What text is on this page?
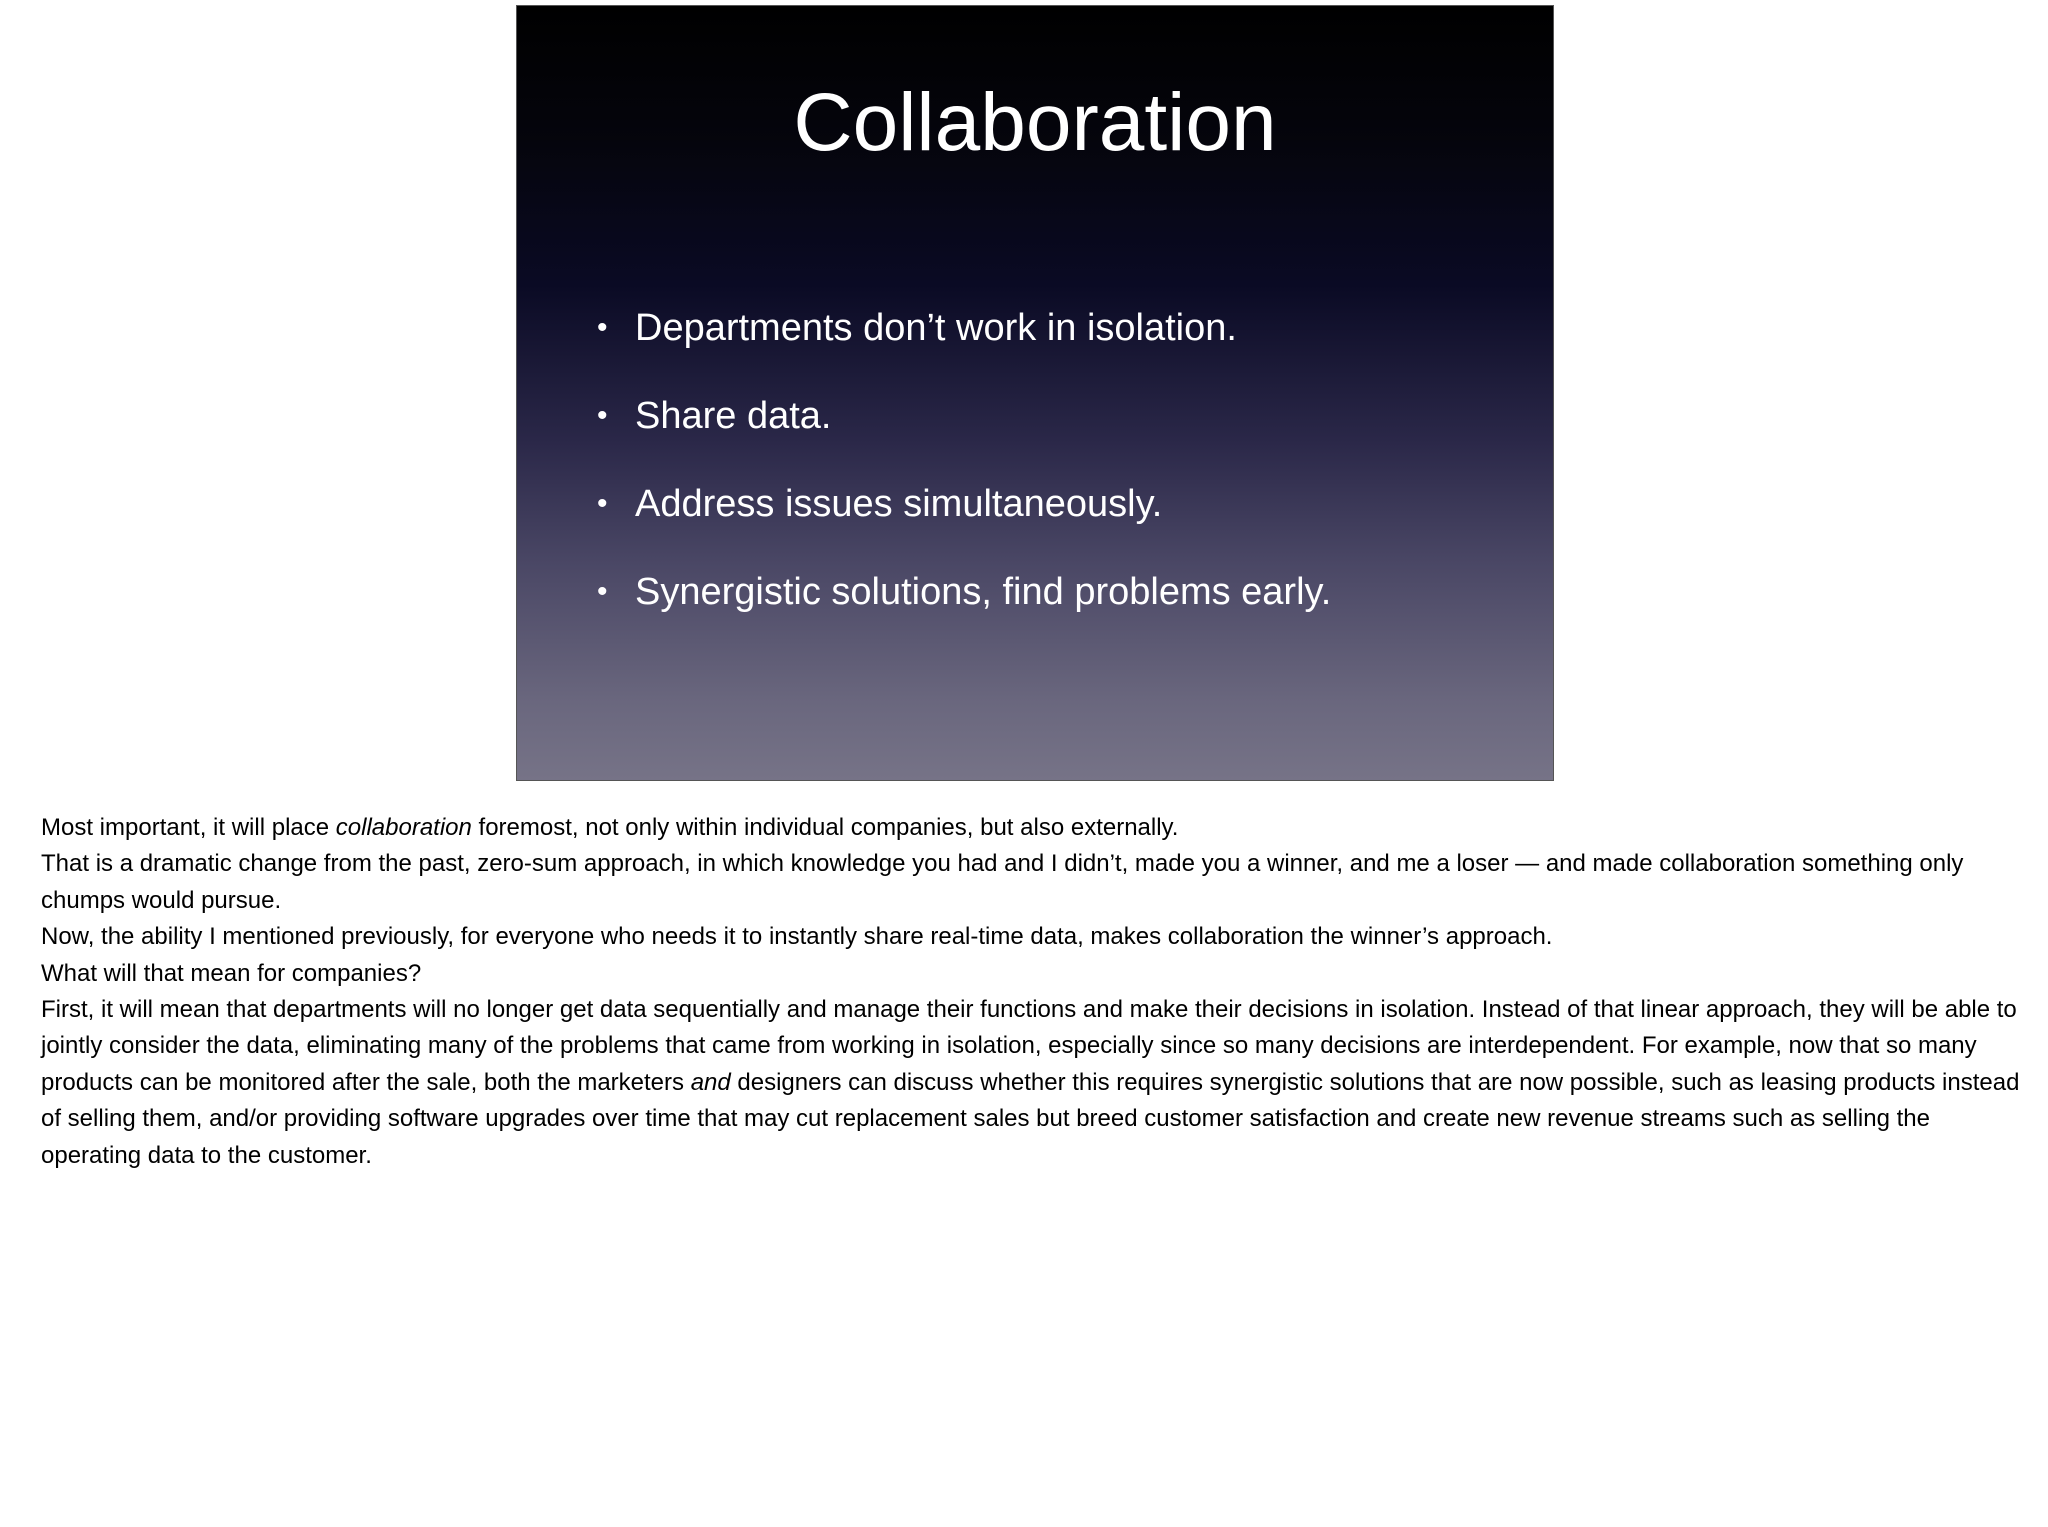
Collaboration
• Departments don’t work in isolation.
• Share data.
• Address issues simultaneously.
• Synergistic solutions, find problems early.

Most important, it will place collaboration foremost, not only within individual companies, but also externally.

That is a dramatic change from the past, zero-sum approach, in which knowledge you had and I didn’t, made you a winner, and me a loser — and made collaboration something only chumps would pursue.

Now, the ability I mentioned previously, for everyone who needs it to instantly share real-time data, makes collaboration the winner’s approach.

What will that mean for companies?

First, it will mean that departments will no longer get data sequentially and manage their functions and make their decisions in isolation. Instead of that linear approach, they will be able to jointly consider the data, eliminating many of the problems that came from working in isolation, especially since so many decisions are interdependent. For example, now that so many products can be monitored after the sale, both the marketers and designers can discuss whether this requires synergistic solutions that are now possible, such as leasing products instead of selling them, and/or providing software upgrades over time that may cut replacement sales but breed customer satisfaction and create new revenue streams such as selling the operating data to the customer.
